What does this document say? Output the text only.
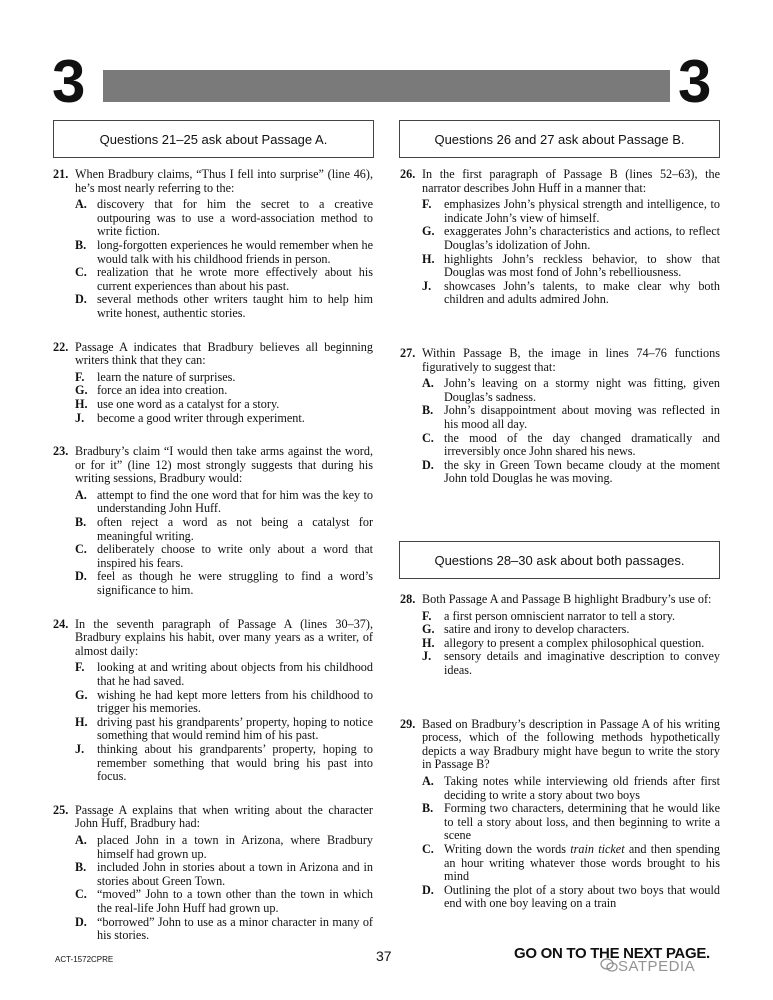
3	3
Questions 21–25 ask about Passage A.	Questions 26 and 27 ask about Passage B.
Questions 28–30 ask about both passages.
21. When Bradbury claims, “Thus I fell into surprise” (line 46), he’s most nearly referring to the:
A. discovery that for him the secret to a creative outpouring was to use a word-association method to write fiction.
B. long-forgotten experiences he would remember when he would talk with his childhood friends in person.
C. realization that he wrote more effectively about his current experiences than about his past.
D. several methods other writers taught him to help him write honest, authentic stories.
22. Passage A indicates that Bradbury believes all beginning writers think that they can:
F.	learn the nature of surprises.
G. force an idea into creation.
H. use one word as a catalyst for a story.
J.	become a good writer through experiment.
23. Bradbury’s claim “I would then take arms against the word, or for it” (line 12) most strongly suggests that during his writing sessions, Bradbury would:
A. attempt to find the one word that for him was the key to understanding John Huff.
B. often reject a word as not being a catalyst for meaningful writing.
C. deliberately choose to write only about a word that inspired his fears.
D. feel as though he were struggling to find a word’s significance to him.
24. In the seventh paragraph of Passage A (lines 30–37), Bradbury explains his habit, over many years as a writer, of almost daily:
F.	looking at and writing about objects from his childhood that he had saved.
G. wishing he had kept more letters from his childhood to trigger his memories.
H. driving past his grandparents’ property, hoping to notice something that would remind him of his past.
J.	thinking about his grandparents’ property, hoping to remember something that would bring his past into focus.
25. Passage A explains that when writing about the character John Huff, Bradbury had:
A. placed John in a town in Arizona, where Bradbury himself had grown up.
B. included John in stories about a town in Arizona and in stories about Green Town.
C. “moved” John to a town other than the town in which the real-life John Huff had grown up.
D. “borrowed” John to use as a minor character in many of his stories.
26. In the first paragraph of Passage B (lines 52–63), the narrator describes John Huff in a manner that:
F.	emphasizes John’s physical strength and intelligence, to indicate John’s view of himself.
G. exaggerates John’s characteristics and actions, to reflect Douglas’s idolization of John.
H. highlights John’s reckless behavior, to show that Douglas was most fond of John’s rebelliousness.
J.	showcases John’s talents, to make clear why both children and adults admired John.
27. Within Passage B, the image in lines 74–76 functions figuratively to suggest that:
A. John’s leaving on a stormy night was fitting, given Douglas’s sadness.
B. John’s disappointment about moving was reflected in his mood all day.
C. the mood of the day changed dramatically and irreversibly once John shared his news.
D. the sky in Green Town became cloudy at the moment John told Douglas he was moving.
28. Both Passage A and Passage B highlight Bradbury’s use of:
F.	a first person omniscient narrator to tell a story.
G. satire and irony to develop characters.
H. allegory to present a complex philosophical question.
J.	sensory details and imaginative description to convey ideas.
29. Based on Bradbury’s description in Passage A of his writing process, which of the following methods hypothetically depicts a way Bradbury might have begun to write the story in Passage B?
A. Taking notes while interviewing old friends after first deciding to write a story about two boys
B. Forming two characters, determining that he would like to tell a story about loss, and then beginning to write a scene
C. Writing down the words train ticket and then spending an hour writing whatever those words brought to his mind
D. Outlining the plot of a story about two boys that would end with one boy leaving on a train
ACT-1572CPRE	37	GO ON TO THE NEXT PAGE.
SATPEDIA
